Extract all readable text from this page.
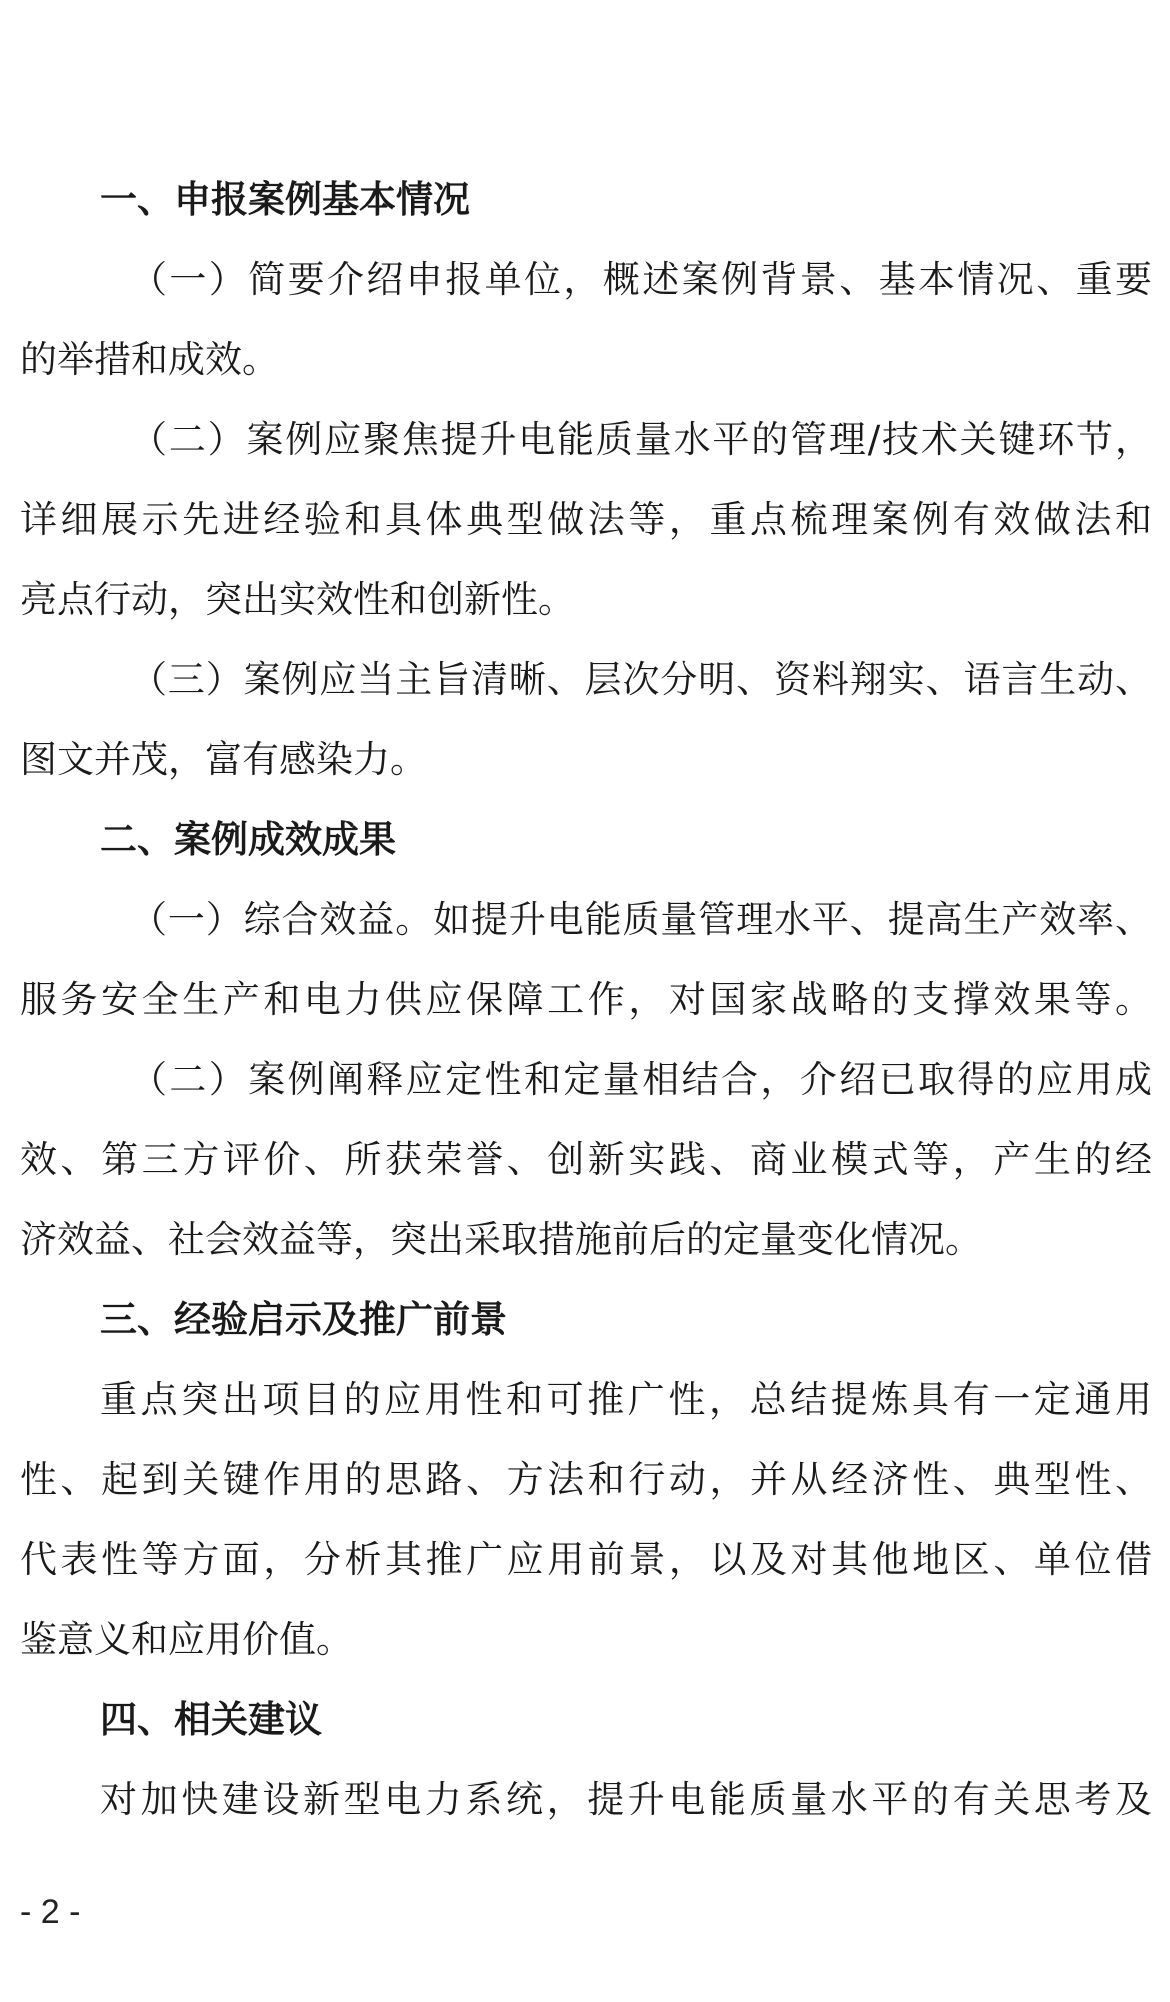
一、申报案例基本情况
（一）简要介绍申报单位，概述案例背景、基本情况、重要
的举措和成效。
（二）案例应聚焦提升电能质量水平的管理/技术关键环节，
详细展示先进经验和具体典型做法等，重点梳理案例有效做法和
亮点行动，突出实效性和创新性。
（三）案例应当主旨清晰、层次分明、资料翔实、语言生动、
图文并茂，富有感染力。
二、案例成效成果
（一）综合效益。如提升电能质量管理水平、提高生产效率、
服务安全生产和电力供应保障工作，对国家战略的支撑效果等。
（二）案例阐释应定性和定量相结合，介绍已取得的应用成
效、第三方评价、所获荣誉、创新实践、商业模式等，产生的经
济效益、社会效益等，突出采取措施前后的定量变化情况。
三、经验启示及推广前景
重点突出项目的应用性和可推广性，总结提炼具有一定通用
性、起到关键作用的思路、方法和行动，并从经济性、典型性、
代表性等方面，分析其推广应用前景，以及对其他地区、单位借
鉴意义和应用价值。
四、相关建议
对加快建设新型电力系统，提升电能质量水平的有关思考及
- 2 -
